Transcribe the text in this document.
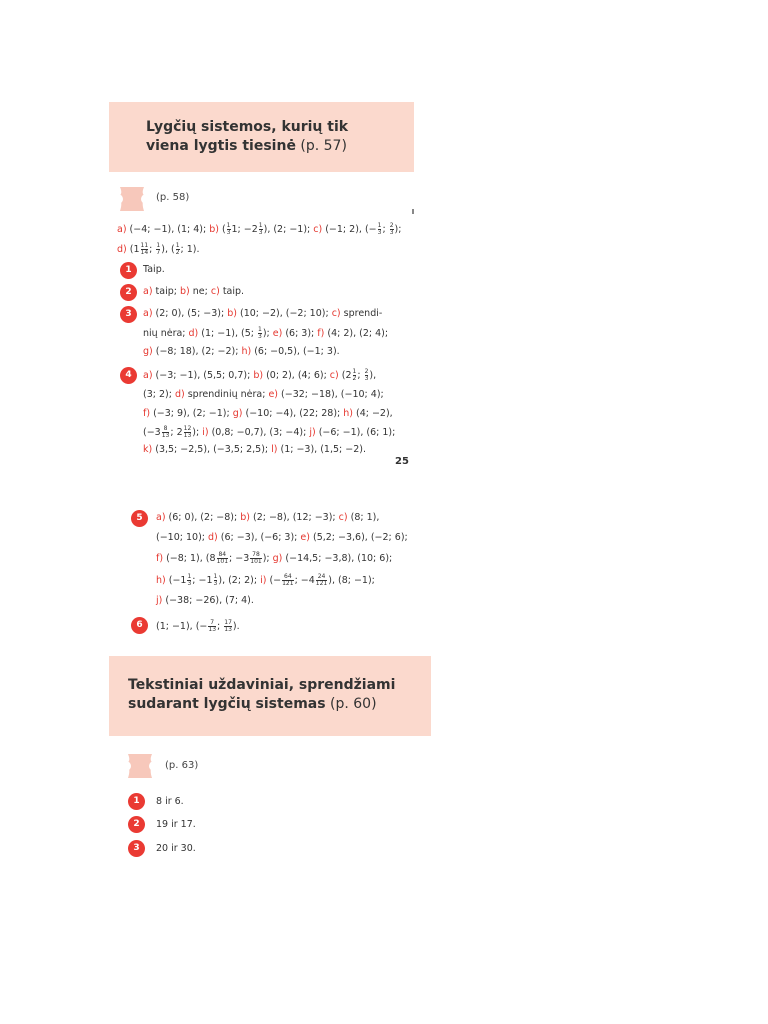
Lygčių sistemos, kurių tik viena lygtis tiesinė (p. 57)
(p. 58)
a) (−4; −1), (1; 4); b) ( $\frac{1}{3} 1$; $-2 \frac{1}{3}$ ), (2; −1); c) (−1; 2), (− $\frac{1}{3}$ ; $\frac{2}{3}$ );
d) ($1 \frac{11}{14}$ ; $\frac{1}{7}$ ), ( $\frac{1}{2}$ ; 1).
1	Taip.
2	a) taip; b) ne; c) taip.
3	a) (2; 0), (5; −3); b) (10; −2), (−2; 10); c) sprendi-
nių nėra; d) (1; −1), (5; $\frac{1}{3}$ ); e) (6; 3); f) (4; 2), (2; 4);
g) (−8; 18), (2; −2); h) (6; −0,5), (−1; 3).
4	a) (−3; −1), (5,5; 0,7); b) (0; 2), (4; 6); c) ($2 \frac{1}{2}$ ; $\frac{2}{3}$ ),
(3; 2); d) sprendinių nėra; e) (−32; −18), (−10; 4);
f) (−3; 9), (2; −1); g) (−10; −4), (22; 28); h) (4; −2),
($-3 \frac{8}{13}$ ; $2 \frac{12}{13}$ ); i) (0,8; −0,7), (3; −4); j) (−6; −1), (6; 1);
k) (3,5; −2,5), (−3,5; 2,5); l) (1; −3), (1,5; −2).
25
5	a) (6; 0), (2; −8); b) (2; −8), (12; −3); c) (8; 1),
(−10; 10); d) (6; −3), (−6; 3); e) (5,2; −3,6), (−2; 6);
f) (−8; 1), ($8 \frac{84}{101}$ ; $-3 \frac{78}{101}$ ); g) (−14,5; −3,8), (10; 6);
h) ($-1 \frac{1}{3}$ ; $-1 \frac{1}{3}$ ), (2; 2); i) (− $\frac{64}{121}$ ; $-4 \frac{24}{121}$ ), (8; −1);
j) (−38; −26), (7; 4).
6	(1; −1), (− $\frac{7}{13}$ ; $\frac{17}{13}$ ).
Tekstiniai uždaviniai, sprendžiami sudarant lygčių sistemas (p. 60)
(p. 63)
1	8 ir 6.
2	19 ir 17.
3	20 ir 30.
